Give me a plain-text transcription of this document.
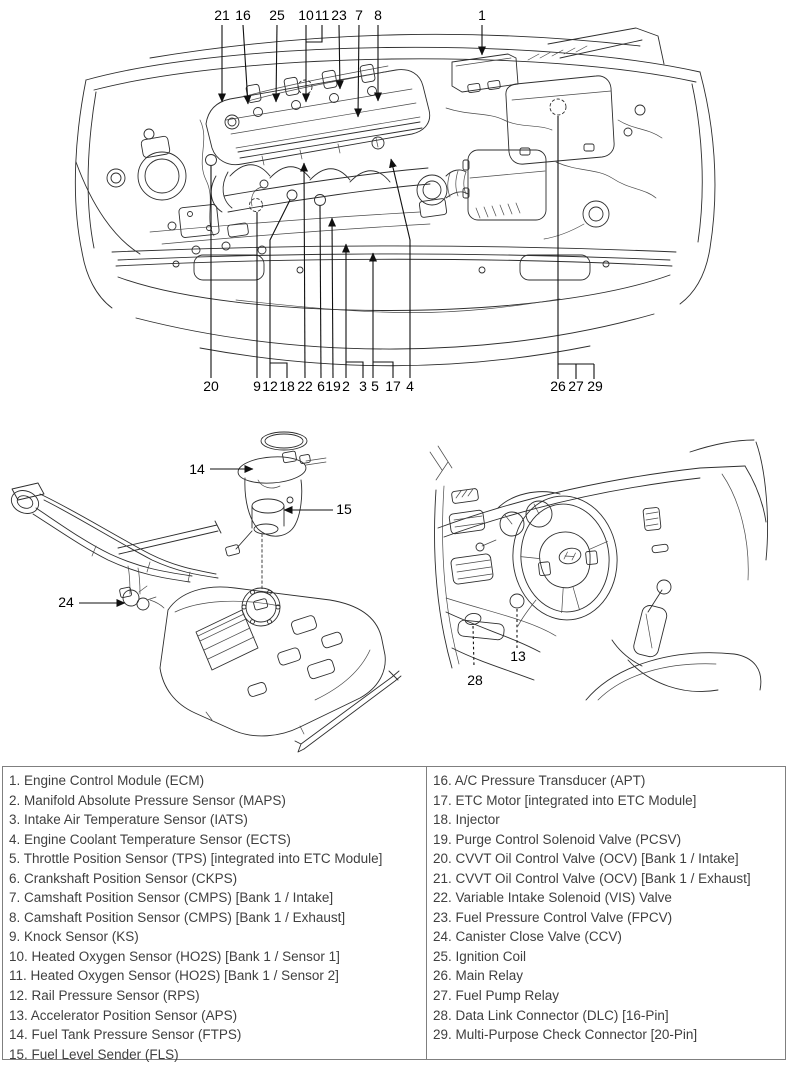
21 16 25 10 11 23 7 8	1
20 9 12 18 22 6 19 2 3 5 17 4	26 27 29
14
15
24
28
13
1. Engine Control Module (ECM)
2. Manifold Absolute Pressure Sensor (MAPS)
3. Intake Air Temperature Sensor (IATS)
4. Engine Coolant Temperature Sensor (ECTS)
5. Throttle Position Sensor (TPS) [integrated into ETC Module]
6. Crankshaft Position Sensor (CKPS)
7. Camshaft Position Sensor (CMPS) [Bank 1 / Intake]
8. Camshaft Position Sensor (CMPS) [Bank 1 / Exhaust]
9. Knock Sensor (KS)
10. Heated Oxygen Sensor (HO2S) [Bank 1 / Sensor 1]
11. Heated Oxygen Sensor (HO2S) [Bank 1 / Sensor 2]
12. Rail Pressure Sensor (RPS)
13. Accelerator Position Sensor (APS)
14. Fuel Tank Pressure Sensor (FTPS)
15. Fuel Level Sender (FLS)
16. A/C Pressure Transducer (APT)
17. ETC Motor [integrated into ETC Module]
18. Injector
19. Purge Control Solenoid Valve (PCSV)
20. CVVT Oil Control Valve (OCV) [Bank 1 / Intake]
21. CVVT Oil Control Valve (OCV) [Bank 1 / Exhaust]
22. Variable Intake Solenoid (VIS) Valve
23. Fuel Pressure Control Valve (FPCV)
24. Canister Close Valve (CCV)
25. Ignition Coil
26. Main Relay
27. Fuel Pump Relay
28. Data Link Connector (DLC) [16-Pin]
29. Multi-Purpose Check Connector [20-Pin]
